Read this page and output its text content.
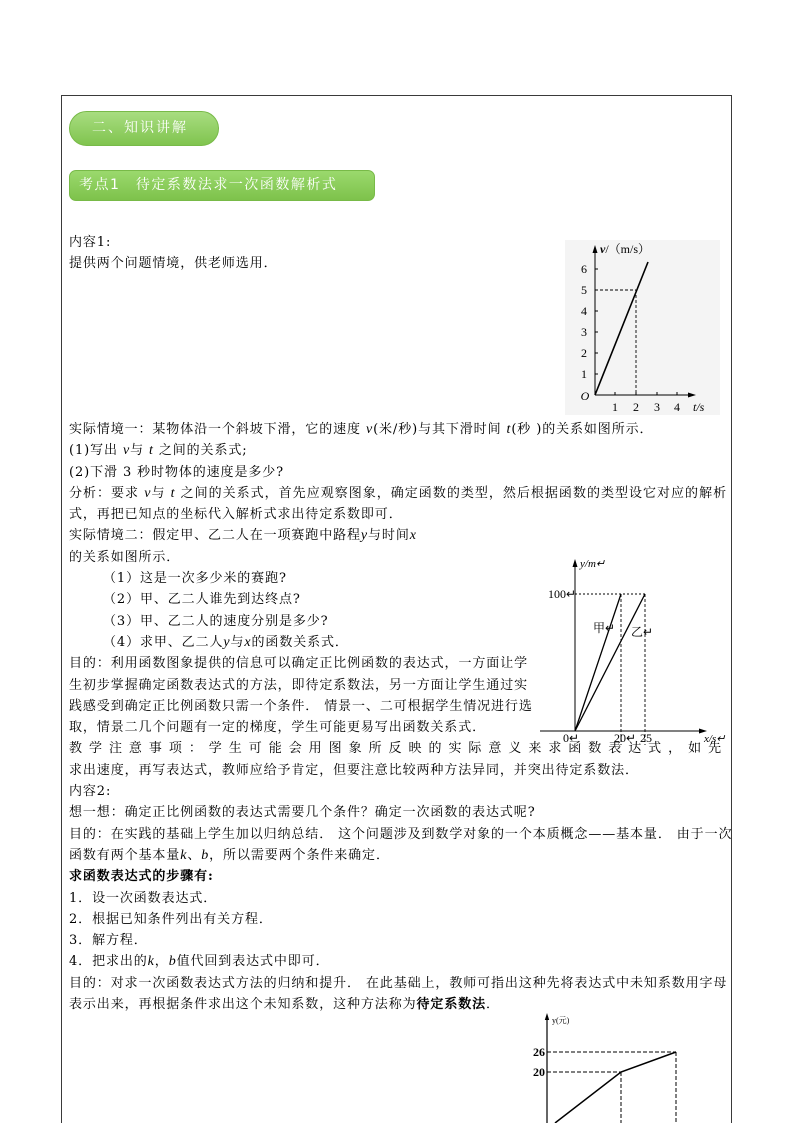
二、知识讲解
考点1　待定系数法求一次函数解析式
内容1:
提供两个问题情境，供老师选用．
实际情境一：某物体沿一个斜坡下滑，它的速度 v(米/秒)与其下滑时间 t(秒 )的关系如图所示．
(1)写出 v与 t 之间的关系式;
(2)下滑 3 秒时物体的速度是多少?
分析：要求 v与 t 之间的关系式，首先应观察图象，确定函数的类型，然后根据函数的类型设它对应的解析
式，再把已知点的坐标代入解析式求出待定系数即可．
实际情境二：假定甲、乙二人在一项赛跑中路程y与时间x
的关系如图所示．
（1）这是一次多少米的赛跑?
（2）甲、乙二人谁先到达终点?
（3）甲、乙二人的速度分别是多少?
（4）求甲、乙二人y与x的函数关系式．
目的：利用函数图象提供的信息可以确定正比例函数的表达式，一方面让学
生初步掌握确定函数表达式的方法，即待定系数法，另一方面让学生通过实
践感受到确定正比例函数只需一个条件． 情景一、二可根据学生情况进行选
取，情景二几个问题有一定的梯度，学生可能更易写出函数关系式．
教学注意事项：学生可能会用图象所反映的实际意义来求函数表达式，如先
求出速度，再写表达式，教师应给予肯定，但要注意比较两种方法异同，并突出待定系数法．
内容2:
想一想：确定正比例函数的表达式需要几个条件？确定一次函数的表达式呢?
目的：在实践的基础上学生加以归纳总结． 这个问题涉及到数学对象的一个本质概念——基本量． 由于一次
函数有两个基本量k、b，所以需要两个条件来确定．
求函数表达式的步骤有:
1．设一次函数表达式．
2．根据已知条件列出有关方程．
3．解方程．
4．把求出的k，b值代回到表达式中即可．
目的：对求一次函数表达式方法的归纳和提升． 在此基础上，教师可指出这种先将表达式中未知系数用字母
表示出来，再根据条件求出这个未知系数，这种方法称为待定系数法．
v/（m/s）
1
2
3
4
5
6
O
1 2 3 4 t/s
y/m↵
100↵
甲↵ 乙↵
0↵	20↵ 25	x/s↵
y(元)
26
20
